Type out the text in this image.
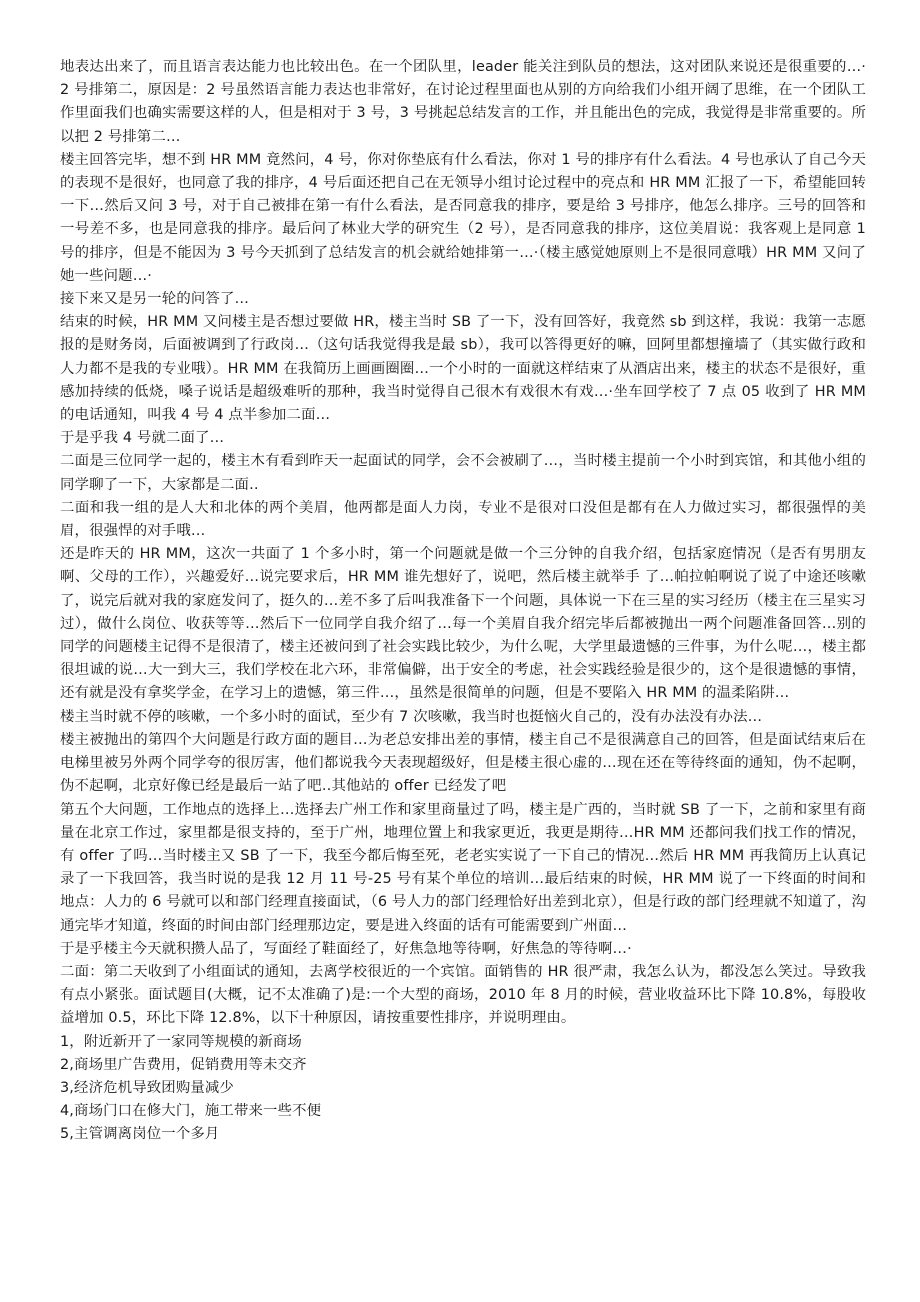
地表达出来了，而且语言表达能力也比较出色。在一个团队里，leader 能关注到队员的想法，这对团队来说还是很重要的…·2 号排第二，原因是：2 号虽然语言能力表达也非常好，在讨论过程里面也从别的方向给我们小组开阔了思维，在一个团队工作里面我们也确实需要这样的人，但是相对于 3 号，3 号挑起总结发言的工作，并且能出色的完成，我觉得是非常重要的。所以把 2 号排第二…

楼主回答完毕，想不到 HR MM 竟然问，4 号，你对你垫底有什么看法，你对 1 号的排序有什么看法。4 号也承认了自己今天的表现不是很好，也同意了我的排序，4 号后面还把自己在无领导小组讨论过程中的亮点和 HR MM 汇报了一下，希望能回转一下…然后又问 3 号，对于自己被排在第一有什么看法，是否同意我的排序，要是给 3 号排序，他怎么排序。三号的回答和一号差不多，也是同意我的排序。最后问了林业大学的研究生（2 号），是否同意我的排序，这位美眉说：我客观上是同意 1 号的排序，但是不能因为 3 号今天抓到了总结发言的机会就给她排第一…·（楼主感觉她原则上不是很同意哦）HR MM 又问了她一些问题…·

接下来又是另一轮的问答了…

结束的时候，HR MM 又问楼主是否想过要做 HR，楼主当时 SB 了一下，没有回答好，我竟然 sb 到这样，我说：我第一志愿报的是财务岗，后面被调到了行政岗…（这句话我觉得我是最 sb），我可以答得更好的嘛，回阿里都想撞墙了（其实做行政和人力都不是我的专业哦）。HR MM 在我简历上画画圈圈…一个小时的一面就这样结束了从酒店出来，楼主的状态不是很好，重感加持续的低烧，嗓子说话是超级难听的那种，我当时觉得自己很木有戏很木有戏…·坐车回学校了 7 点 05 收到了 HR MM 的电话通知，叫我 4 号 4 点半参加二面…

于是乎我 4 号就二面了…

二面是三位同学一起的，楼主木有看到昨天一起面试的同学，会不会被刷了…，当时楼主提前一个小时到宾馆，和其他小组的同学聊了一下，大家都是二面‥

二面和我一组的是人大和北体的两个美眉，他两都是面人力岗，专业不是很对口没但是都有在人力做过实习，都很强悍的美眉，很强悍的对手哦…

还是昨天的 HR MM，这次一共面了 1 个多小时，第一个问题就是做一个三分钟的自我介绍，包括家庭情况（是否有男朋友啊、父母的工作），兴趣爱好…说完要求后，HR MM 谁先想好了，说吧，然后楼主就举手 了…帕拉帕啊说了说了中途还咳嗽了，说完后就对我的家庭发问了，挺久的…差不多了后叫我准备下一个问题，具体说一下在三星的实习经历（楼主在三星实习过），做什么岗位、收获等等…然后下一位同学自我介绍了…每一个美眉自我介绍完毕后都被抛出一两个问题准备回答…别的同学的问题楼主记得不是很清了，楼主还被问到了社会实践比较少，为什么呢，大学里最遗憾的三件事，为什么呢…，楼主都很坦诚的说…大一到大三，我们学校在北六环，非常偏僻，出于安全的考虑，社会实践经验是很少的，这个是很遗憾的事情，还有就是没有拿奖学金，在学习上的遗憾，第三件…，虽然是很简单的问题，但是不要陷入 HR MM 的温柔陷阱…

楼主当时就不停的咳嗽，一个多小时的面试，至少有 7 次咳嗽，我当时也挺恼火自己的，没有办法没有办法…

楼主被抛出的第四个大问题是行政方面的题目…为老总安排出差的事情，楼主自己不是很满意自己的回答，但是面试结束后在电梯里被另外两个同学夸的很厉害，他们都说我今天表现超级好，但是楼主很心虚的…现在还在等待终面的通知，伪不起啊，伪不起啊，北京好像已经是最后一站了吧‥其他站的 offer 已经发了吧

第五个大问题，工作地点的选择上…选择去广州工作和家里商量过了吗，楼主是广西的，当时就 SB 了一下，之前和家里有商量在北京工作过，家里都是很支持的，至于广州，地理位置上和我家更近，我更是期待…HR MM 还都问我们找工作的情况，有 offer 了吗…当时楼主又 SB 了一下，我至今都后悔至死，老老实实说了一下自己的情况…然后 HR MM 再我简历上认真记录了一下我回答，我当时说的是我 12 月 11 号-25 号有某个单位的培训…最后结束的时候，HR MM 说了一下终面的时间和地点：人力的 6 号就可以和部门经理直接面试，（6 号人力的部门经理恰好出差到北京），但是行政的部门经理就不知道了，沟通完毕才知道，终面的时间由部门经理那边定，要是进入终面的话有可能需要到广州面…

于是乎楼主今天就积攒人品了，写面经了鞋面经了，好焦急地等待啊，好焦急的等待啊…·

二面：第二天收到了小组面试的通知，去离学校很近的一个宾馆。面销售的 HR 很严肃，我怎么认为，都没怎么笑过。导致我有点小紧张。面试题目(大概，记不太准确了)是:一个大型的商场，2010 年 8 月的时候，营业收益环比下降 10.8%，每股收益增加 0.5，环比下降 12.8%，以下十种原因，请按重要性排序，并说明理由。

1，附近新开了一家同等规模的新商场

2,商场里广告费用，促销费用等未交齐

3,经济危机导致团购量减少

4,商场门口在修大门，施工带来一些不便

5,主管调离岗位一个多月
